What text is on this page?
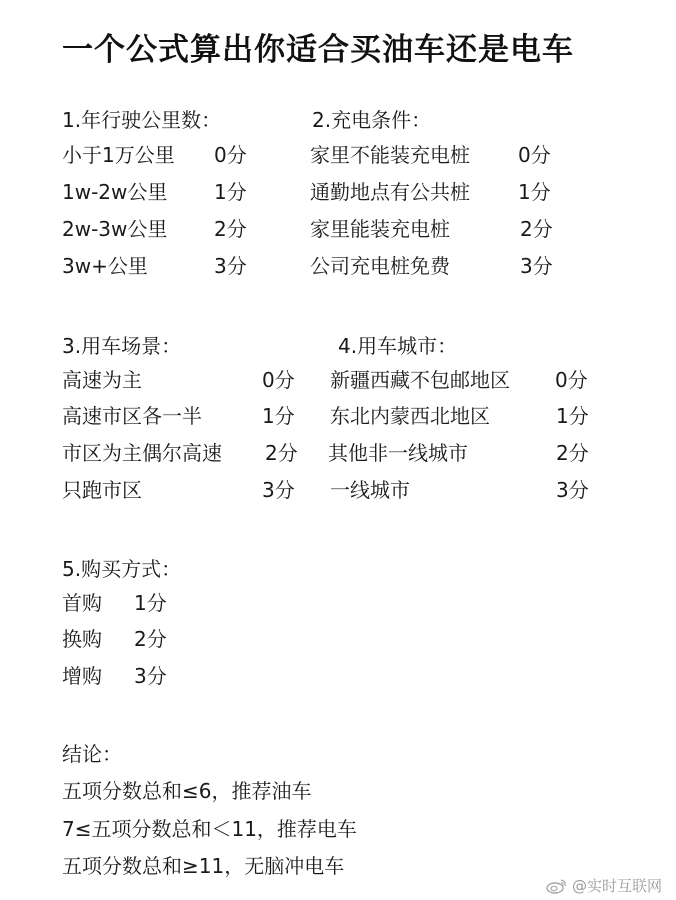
一个公式算出你适合买油车还是电车
1.年行驶公里数：
小于1万公里 0分
1w-2w公里 1分
2w-3w公里 2分
3w+公里	3分
2.充电条件：
家里不能装充电桩 0分
通勤地点有公共桩 1分
家里能装充电桩	2分
公司充电桩免费	3分
3.用车场景：
高速为主	0分
高速市区各一半	1分
市区为主偶尔高速 2分
只跑市区	3分
4.用车城市：
新疆西藏不包邮地区 0分
东北内蒙西北地区	1分
其他非一线城市	2分
一线城市	3分
5.购买方式：
首购 1分
换购 2分
增购 3分
结论：
五项分数总和≤6，推荐油车
7≤五项分数总和＜11，推荐电车
五项分数总和≥11，无脑冲电车
@实时互联网
